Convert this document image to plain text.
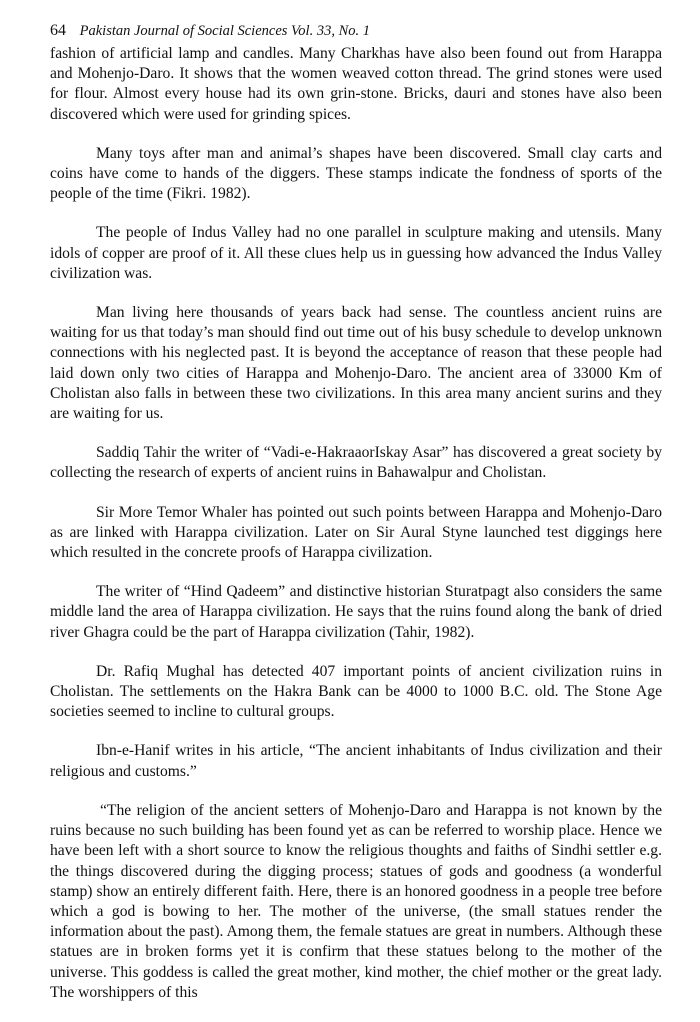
64 Pakistan Journal of Social Sciences Vol. 33, No. 1

fashion of artificial lamp and candles. Many Charkhas have also been found out from Harappa and Mohenjo-Daro. It shows that the women weaved cotton thread. The grind stones were used for flour. Almost every house had its own grin-stone. Bricks, dauri and stones have also been discovered which were used for grinding spices.

Many toys after man and animal’s shapes have been discovered. Small clay carts and coins have come to hands of the diggers. These stamps indicate the fondness of sports of the people of the time (Fikri. 1982).

The people of Indus Valley had no one parallel in sculpture making and utensils. Many idols of copper are proof of it. All these clues help us in guessing how advanced the Indus Valley civilization was.

Man living here thousands of years back had sense. The countless ancient ruins are waiting for us that today’s man should find out time out of his busy schedule to develop unknown connections with his neglected past. It is beyond the acceptance of reason that these people had laid down only two cities of Harappa and Mohenjo-Daro. The ancient area of 33000 Km of Cholistan also falls in between these two civilizations. In this area many ancient surins and they are waiting for us.

Saddiq Tahir the writer of “Vadi-e-HakraaorIskay Asar” has discovered a great society by collecting the research of experts of ancient ruins in Bahawalpur and Cholistan.

Sir More Temor Whaler has pointed out such points between Harappa and Mohenjo-Daro as are linked with Harappa civilization. Later on Sir Aural Styne launched test diggings here which resulted in the concrete proofs of Harappa civilization.

The writer of “Hind Qadeem” and distinctive historian Sturatpagt also considers the same middle land the area of Harappa civilization. He says that the ruins found along the bank of dried river Ghagra could be the part of Harappa civilization (Tahir, 1982).

Dr. Rafiq Mughal has detected 407 important points of ancient civilization ruins in Cholistan. The settlements on the Hakra Bank can be 4000 to 1000 B.C. old. The Stone Age societies seemed to incline to cultural groups.

Ibn-e-Hanif writes in his article, “The ancient inhabitants of Indus civilization and their religious and customs.”

“The religion of the ancient setters of Mohenjo-Daro and Harappa is not known by the ruins because no such building has been found yet as can be referred to worship place. Hence we have been left with a short source to know the religious thoughts and faiths of Sindhi settler e.g. the things discovered during the digging process; statues of gods and goodness (a wonderful stamp) show an entirely different faith. Here, there is an honored goodness in a people tree before which a god is bowing to her. The mother of the universe, (the small statues render the information about the past). Among them, the female statues are great in numbers. Although these statues are in broken forms yet it is confirm that these statues belong to the mother of the universe. This goddess is called the great mother, kind mother, the chief mother or the great lady. The worshippers of this
